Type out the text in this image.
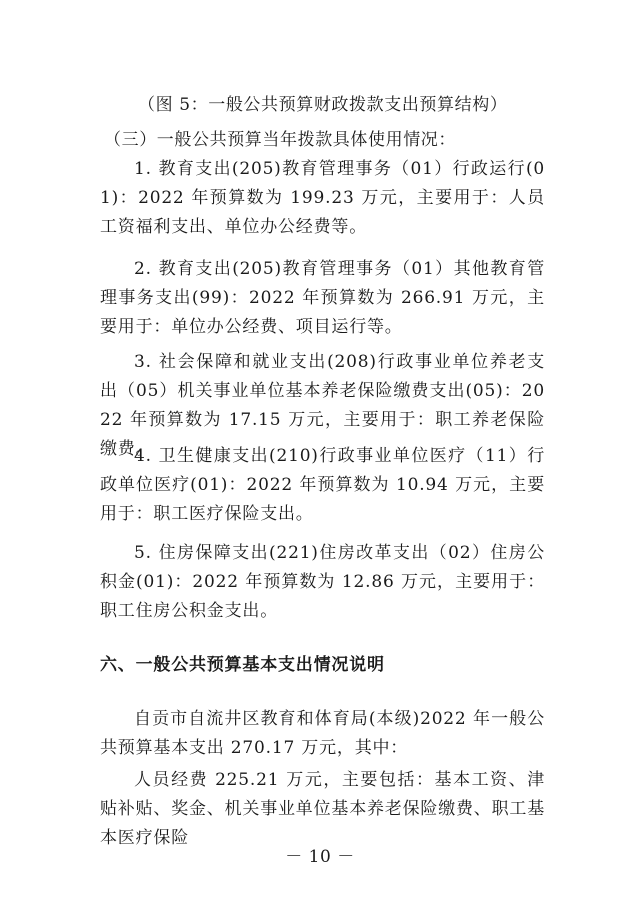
（图 5：一般公共预算财政拨款支出预算结构）
（三）一般公共预算当年拨款具体使用情况：
1. 教育支出(205)教育管理事务（01）行政运行(01)：2022 年预算数为 199.23 万元，主要用于：人员工资福利支出、单位办公经费等。
2. 教育支出(205)教育管理事务（01）其他教育管理事务支出(99)：2022 年预算数为 266.91 万元，主要用于：单位办公经费、项目运行等。
3. 社会保障和就业支出(208)行政事业单位养老支出（05）机关事业单位基本养老保险缴费支出(05)：2022 年预算数为 17.15 万元，主要用于：职工养老保险缴费。
4. 卫生健康支出(210)行政事业单位医疗（11）行政单位医疗(01)：2022 年预算数为 10.94 万元，主要用于：职工医疗保险支出。
5. 住房保障支出(221)住房改革支出（02）住房公积金(01)：2022 年预算数为 12.86 万元，主要用于：职工住房公积金支出。
六、一般公共预算基本支出情况说明
自贡市自流井区教育和体育局(本级)2022 年一般公共预算基本支出 270.17 万元，其中：
人员经费 225.21 万元，主要包括：基本工资、津贴补贴、奖金、机关事业单位基本养老保险缴费、职工基本医疗保险
－ 10 －
